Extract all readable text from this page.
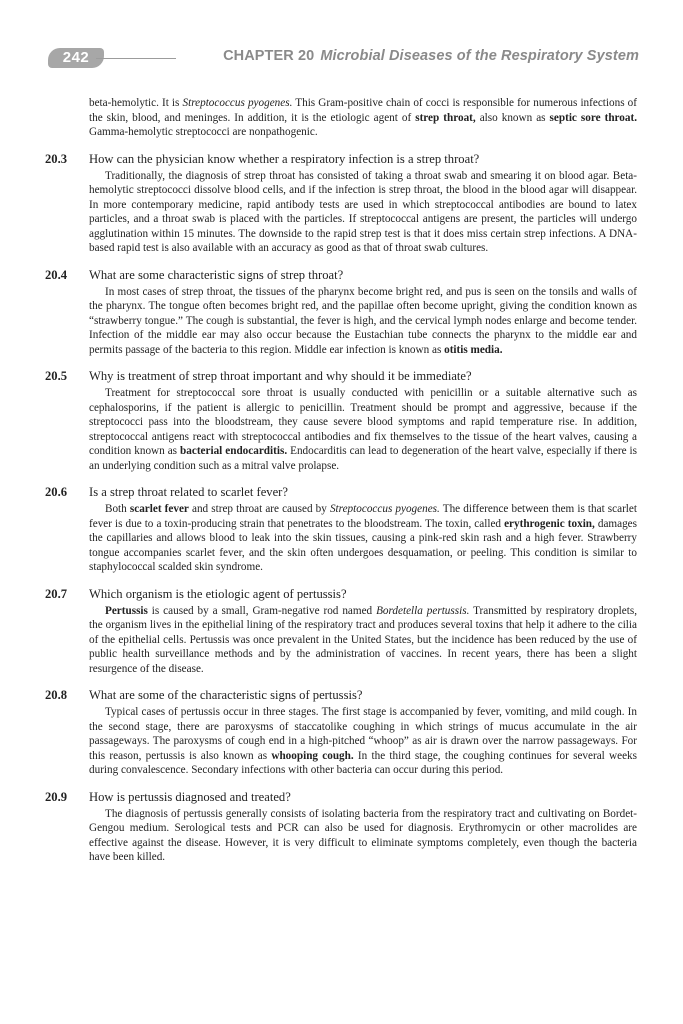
242	CHAPTER 20 Microbial Diseases of the Respiratory System
beta-hemolytic. It is Streptococcus pyogenes. This Gram-positive chain of cocci is responsible for numerous infections of the skin, blood, and meninges. In addition, it is the etiologic agent of strep throat, also known as septic sore throat. Gamma-hemolytic streptococci are nonpathogenic.
20.3 How can the physician know whether a respiratory infection is a strep throat?
Traditionally, the diagnosis of strep throat has consisted of taking a throat swab and smearing it on blood agar. Beta-hemolytic streptococci dissolve blood cells, and if the infection is strep throat, the blood in the blood agar will disappear. In more contemporary medicine, rapid antibody tests are used in which streptococcal antibodies are bound to latex particles, and a throat swab is placed with the particles. If streptococcal antigens are present, the particles will undergo agglutination within 15 minutes. The downside to the rapid strep test is that it does miss certain strep infections. A DNA-based rapid test is also available with an accuracy as good as that of throat swab cultures.
20.4 What are some characteristic signs of strep throat?
In most cases of strep throat, the tissues of the pharynx become bright red, and pus is seen on the tonsils and walls of the pharynx. The tongue often becomes bright red, and the papillae often become upright, giving the condition known as “strawberry tongue.” The cough is substantial, the fever is high, and the cervical lymph nodes enlarge and become tender. Infection of the middle ear may also occur because the Eustachian tube connects the pharynx to the middle ear and permits passage of the bacteria to this region. Middle ear infection is known as otitis media.
20.5 Why is treatment of strep throat important and why should it be immediate?
Treatment for streptococcal sore throat is usually conducted with penicillin or a suitable alternative such as cephalosporins, if the patient is allergic to penicillin. Treatment should be prompt and aggressive, because if the streptococci pass into the bloodstream, they cause severe blood symptoms and rapid temperature rise. In addition, streptococcal antigens react with streptococcal antibodies and fix themselves to the tissue of the heart valves, causing a condition known as bacterial endocarditis. Endocarditis can lead to degeneration of the heart valve, especially if there is an underlying condition such as a mitral valve prolapse.
20.6 Is a strep throat related to scarlet fever?
Both scarlet fever and strep throat are caused by Streptococcus pyogenes. The difference between them is that scarlet fever is due to a toxin-producing strain that penetrates to the bloodstream. The toxin, called erythrogenic toxin, damages the capillaries and allows blood to leak into the skin tissues, causing a pink-red skin rash and a high fever. Strawberry tongue accompanies scarlet fever, and the skin often undergoes desquamation, or peeling. This condition is similar to staphylococcal scalded skin syndrome.
20.7 Which organism is the etiologic agent of pertussis?
Pertussis is caused by a small, Gram-negative rod named Bordetella pertussis. Transmitted by respiratory droplets, the organism lives in the epithelial lining of the respiratory tract and produces several toxins that help it adhere to the cilia of the epithelial cells. Pertussis was once prevalent in the United States, but the incidence has been reduced by the use of public health surveillance methods and by the administration of vaccines. In recent years, there has been a slight resurgence of the disease.
20.8 What are some of the characteristic signs of pertussis?
Typical cases of pertussis occur in three stages. The first stage is accompanied by fever, vomiting, and mild cough. In the second stage, there are paroxysms of staccatolike coughing in which strings of mucus accumulate in the air passageways. The paroxysms of cough end in a high-pitched “whoop” as air is drawn over the narrow passageways. For this reason, pertussis is also known as whooping cough. In the third stage, the coughing continues for several weeks during convalescence. Secondary infections with other bacteria can occur during this period.
20.9 How is pertussis diagnosed and treated?
The diagnosis of pertussis generally consists of isolating bacteria from the respiratory tract and cultivating on Bordet-Gengou medium. Serological tests and PCR can also be used for diagnosis. Erythromycin or other macrolides are effective against the disease. However, it is very difficult to eliminate symptoms completely, even though the bacteria have been killed.
